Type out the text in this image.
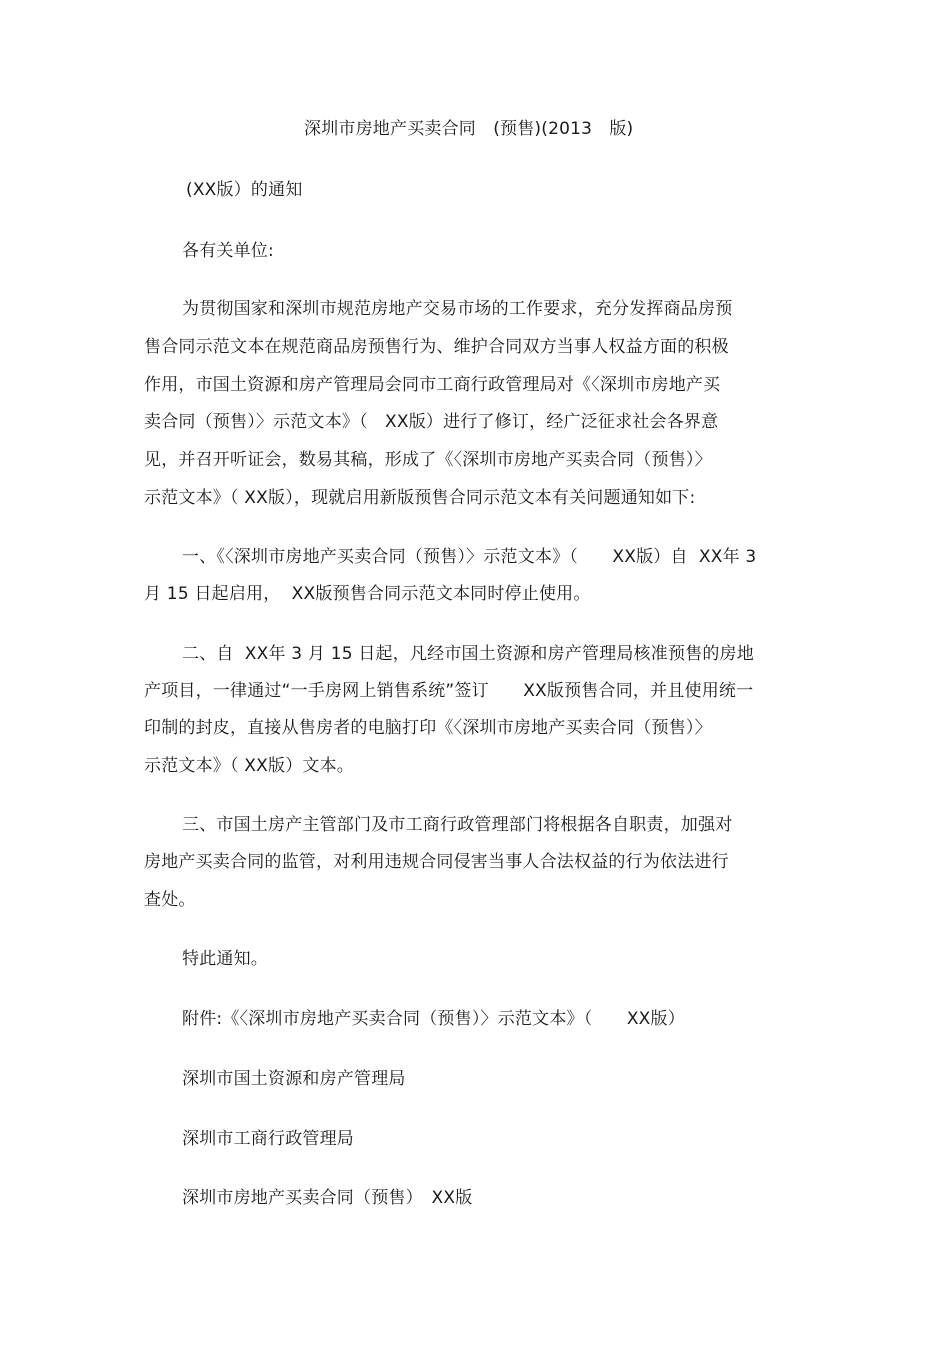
深圳市房地产买卖合同　(预售)(2013　版)
(XX版）的通知
各有关单位:
为贯彻国家和深圳市规范房地产交易市场的工作要求，充分发挥商品房预
售合同示范文本在规范商品房预售行为、维护合同双方当事人权益方面的积极
作用，市国土资源和房产管理局会同市工商行政管理局对《〈深圳市房地产买
卖合同（预售）〉示范文本》（　XX版）进行了修订，经广泛征求社会各界意
见，并召开听证会，数易其稿，形成了《〈深圳市房地产买卖合同（预售）〉
示范文本》（ XX版），现就启用新版预售合同示范文本有关问题通知如下:
一、《〈深圳市房地产买卖合同（预售）〉示范文本》（　　XX版）自  XX年 3
月 15 日起启用，  XX版预售合同示范文本同时停止使用。
二、自  XX年 3 月 15 日起，凡经市国土资源和房产管理局核准预售的房地
产项目，一律通过“一手房网上销售系统”签订　　XX版预售合同，并且使用统一
印制的封皮，直接从售房者的电脑打印《〈深圳市房地产买卖合同（预售）〉
示范文本》（ XX版）文本。
三、市国土房产主管部门及市工商行政管理部门将根据各自职责，加强对
房地产买卖合同的监管，对利用违规合同侵害当事人合法权益的行为依法进行
查处。
特此通知。
附件:《〈深圳市房地产买卖合同（预售）〉示范文本》（　　XX版）
深圳市国土资源和房产管理局
深圳市工商行政管理局
深圳市房地产买卖合同（预售）　XX版
